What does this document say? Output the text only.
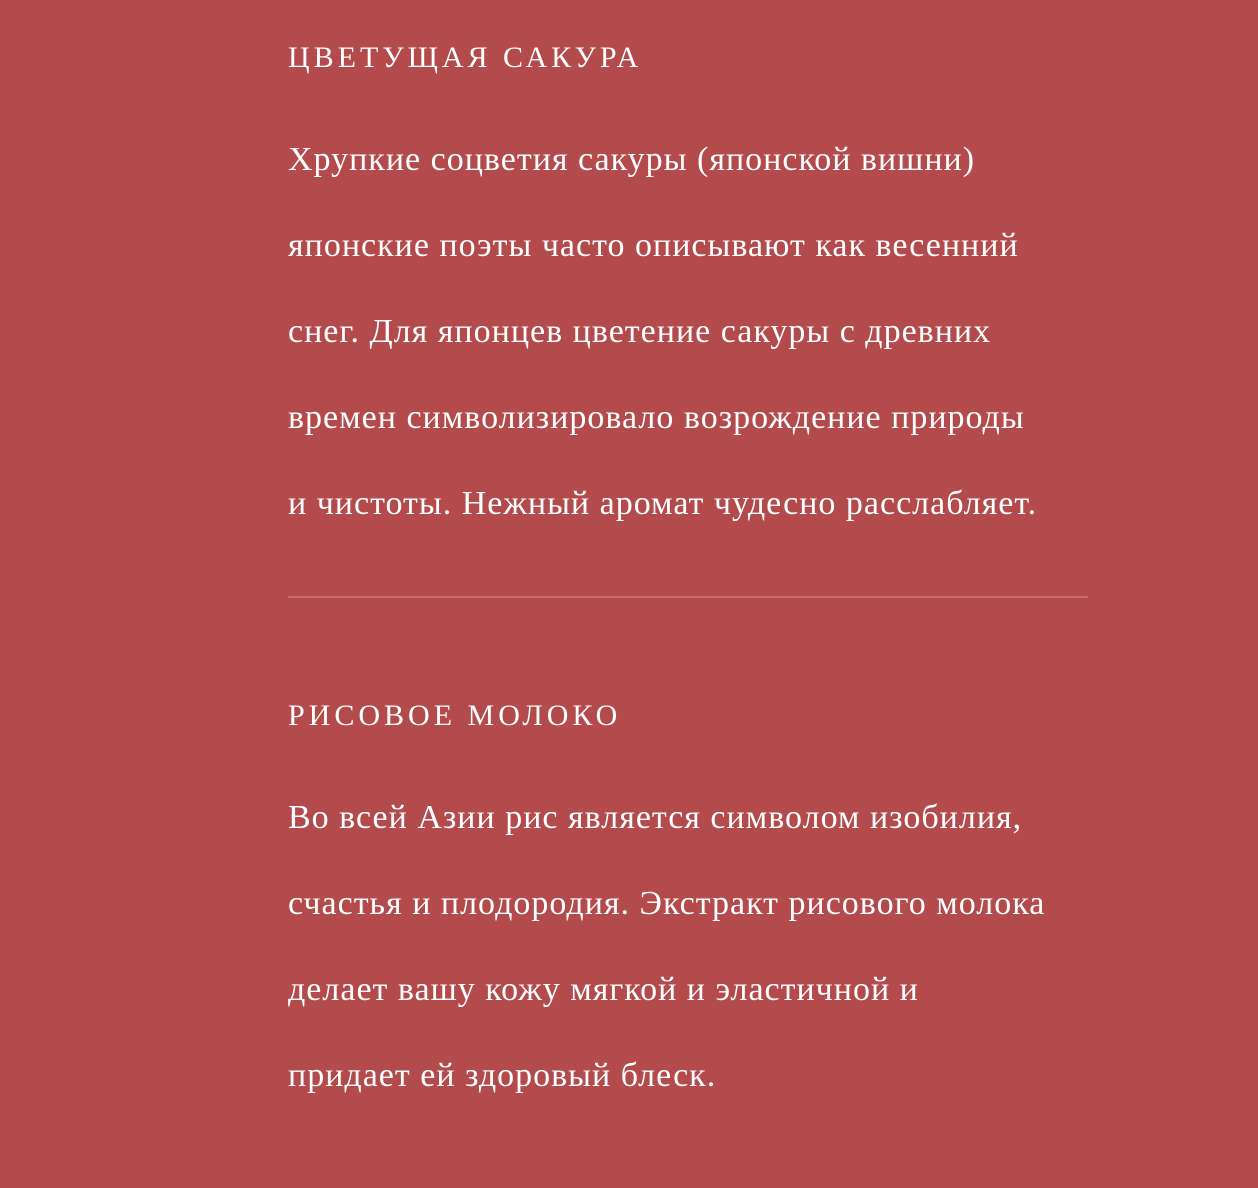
ЦВЕТУЩАЯ САКУРА

Хрупкие соцветия сакуры (японской вишни)
японские поэты часто описывают как весенний
снег. Для японцев цветение сакуры с древних
времен символизировало возрождение природы
и чистоты. Нежный аромат чудесно расслабляет.

РИСОВОЕ МОЛОКО

Во всей Азии рис является символом изобилия,
счастья и плодородия. Экстракт рисового молока
делает вашу кожу мягкой и эластичной и
придает ей здоровый блеск.
